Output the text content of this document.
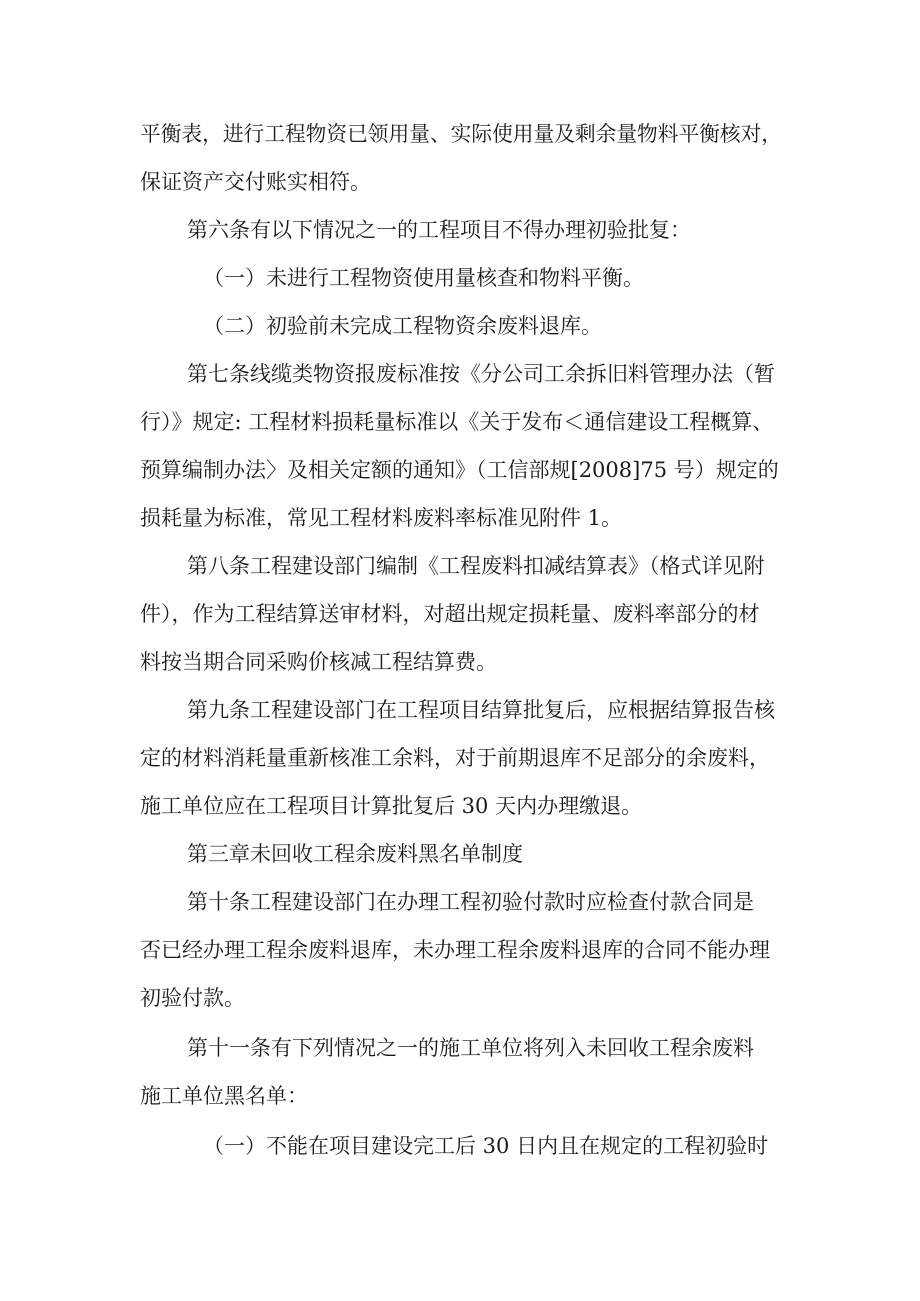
平衡表，进行工程物资已领用量、实际使用量及剩余量物料平衡核对，
保证资产交付账实相符。
第六条有以下情况之一的工程项目不得办理初验批复：
（一）未进行工程物资使用量核查和物料平衡。
（二）初验前未完成工程物资余废料退库。
第七条线缆类物资报废标准按《分公司工余拆旧料管理办法（暂
行）》规定: 工程材料损耗量标准以《关于发布＜通信建设工程概算、
预算编制办法〉及相关定额的通知》（工信部规[2008]75 号）规定的
损耗量为标准，常见工程材料废料率标准见附件 1。
第八条工程建设部门编制《工程废料扣减结算表》（格式详见附
件），作为工程结算送审材料，对超出规定损耗量、废料率部分的材
料按当期合同采购价核减工程结算费。
第九条工程建设部门在工程项目结算批复后，应根据结算报告核
定的材料消耗量重新核准工余料，对于前期退库不足部分的余废料，
施工单位应在工程项目计算批复后 30 天内办理缴退。
第三章未回收工程余废料黑名单制度
第十条工程建设部门在办理工程初验付款时应检查付款合同是
否已经办理工程余废料退库，未办理工程余废料退库的合同不能办理
初验付款。
第十一条有下列情况之一的施工单位将列入未回收工程余废料
施工单位黑名单：
（一）不能在项目建设完工后 30 日内且在规定的工程初验时
